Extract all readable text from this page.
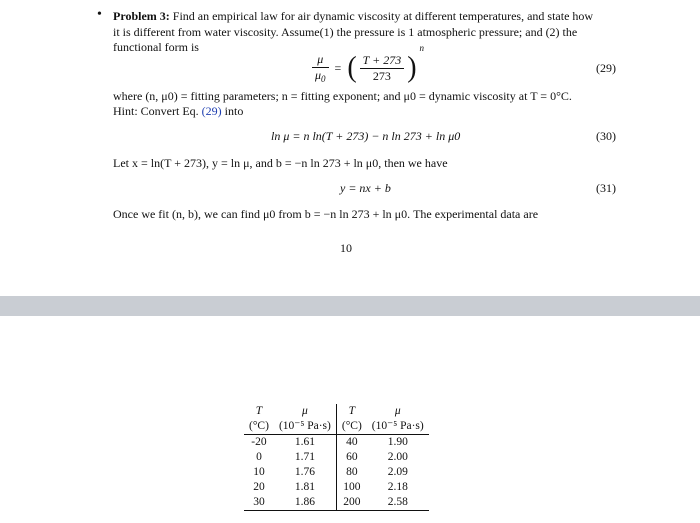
• Problem 3: Find an empirical law for air dynamic viscosity at different temperatures, and state how
it is different from water viscosity. Assume(1) the pressure is 1 atmospheric pressure; and (2) the
functional form is
$\frac{\mu}{\mu_0}$ = ( $\frac{T + 273}{273}$ ) $^n$
(29)
where (n, μ0) = fitting parameters; n = fitting exponent; and μ0 = dynamic viscosity at T = 0°C.
Hint: Convert Eq. (29) into
ln μ = n ln(T + 273) − n ln 273 + ln μ0	(30)
Let x = ln(T + 273), y = ln μ, and b = −n ln 273 + ln μ0, then we have
y = nx + b	(31)
Once we fit (n, b), we can find μ0 from b = −n ln 273 + ln μ0. The experimental data are
10
T	μ	T	μ
(°C)	(10⁻⁵ Pa·s)	(°C)	(10⁻⁵ Pa·s)
-20	1.61	40	1.90
0	1.71	60	2.00
10	1.76	80	2.09
20	1.81	100	2.18
30	1.86	200	2.58
